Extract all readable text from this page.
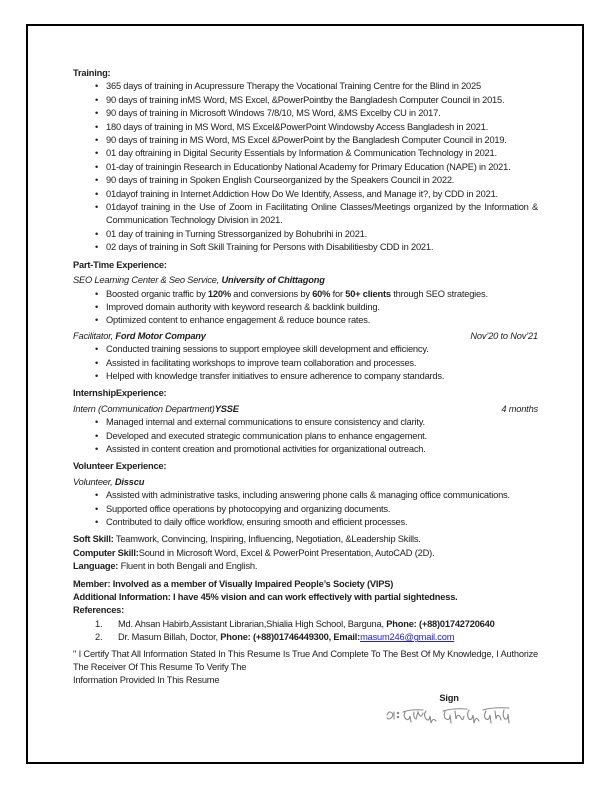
Training:

• 365 days of training in Acupressure Therapy the Vocational Training Centre for the Blind in 2025
• 90 days of training inMS Word, MS Excel, &PowerPointby the Bangladesh Computer Council in 2015.
• 90 days of training in Microsoft Windows 7/8/10, MS Word, &MS Excelby CU in 2017.
• 180 days of training in MS Word, MS Excel&PowerPoint Windowsby Access Bangladesh in 2021.
• 90 days of training in MS Word, MS Excel &PowerPoint by the Bangladesh Computer Council in 2019.
• 01 day oftraining in Digital Security Essentials by Information & Communication Technology in 2021.
• 01-day of trainingin Research in Educationby National Academy for Primary Education (NAPE) in 2021.
• 90 days of training in Spoken English Courseorganized by the Speakers Council in 2022.
• 01dayof training in Internet Addiction How Do We Identify, Assess, and Manage it?, by CDD in 2021.
• 01dayof training in the Use of Zoom in Facilitating Online Classes/Meetings organized by the Information & Communication Technology Division in 2021.
• 01 day of training in Turning Stressorganized by Bohubrihi in 2021.
• 02 days of training in Soft Skill Training for Persons with Disabilitiesby CDD in 2021.

Part-Time Experience:

SEO Learning Center & Seo Service, University of Chittagong
• Boosted organic traffic by 120% and conversions by 60% for 50+ clients through SEO strategies.
• Improved domain authority with keyword research & backlink building.
• Optimized content to enhance engagement & reduce bounce rates.
Facilitator, Ford Motor Company	Nov’20 to Nov’21
• Conducted training sessions to support employee skill development and efficiency.
• Assisted in facilitating workshops to improve team collaboration and processes.
• Helped with knowledge transfer initiatives to ensure adherence to company standards.

InternshipExperience:

Intern (Communication Department)YSSE	4 months
• Managed internal and external communications to ensure consistency and clarity.
• Developed and executed strategic communication plans to enhance engagement.
• Assisted in content creation and promotional activities for organizational outreach.

Volunteer Experience:

Volunteer, Disscu
• Assisted with administrative tasks, including answering phone calls & managing office communications.
• Supported office operations by photocopying and organizing documents.
• Contributed to daily office workflow, ensuring smooth and efficient processes.

Soft Skill: Teamwork, Convincing, Inspiring, Influencing, Negotiation, &Leadership Skills.

Computer Skill:Sound in Microsoft Word, Excel & PowerPoint Presentation, AutoCAD (2D).

Language: Fluent in both Bengali and English.

Member: Involved as a member of Visually Impaired People’s Society (VIPS)

Additional Information: I have 45% vision and can work effectively with partial sightedness.

References:

1.	Md. Ahsan Habirb,Assistant Librarian,Shialia High School, Barguna, Phone: (+88)01742720640
2.	Dr. Masum Billah, Doctor, Phone: (+88)01746449300, Email:masum246@gmail.com

" I Certify That All Information Stated In This Resume Is True And Complete To The Best Of My Knowledge, I Authorize The Receiver Of This Resume To Verify The

Information Provided In This Resume

Sign
